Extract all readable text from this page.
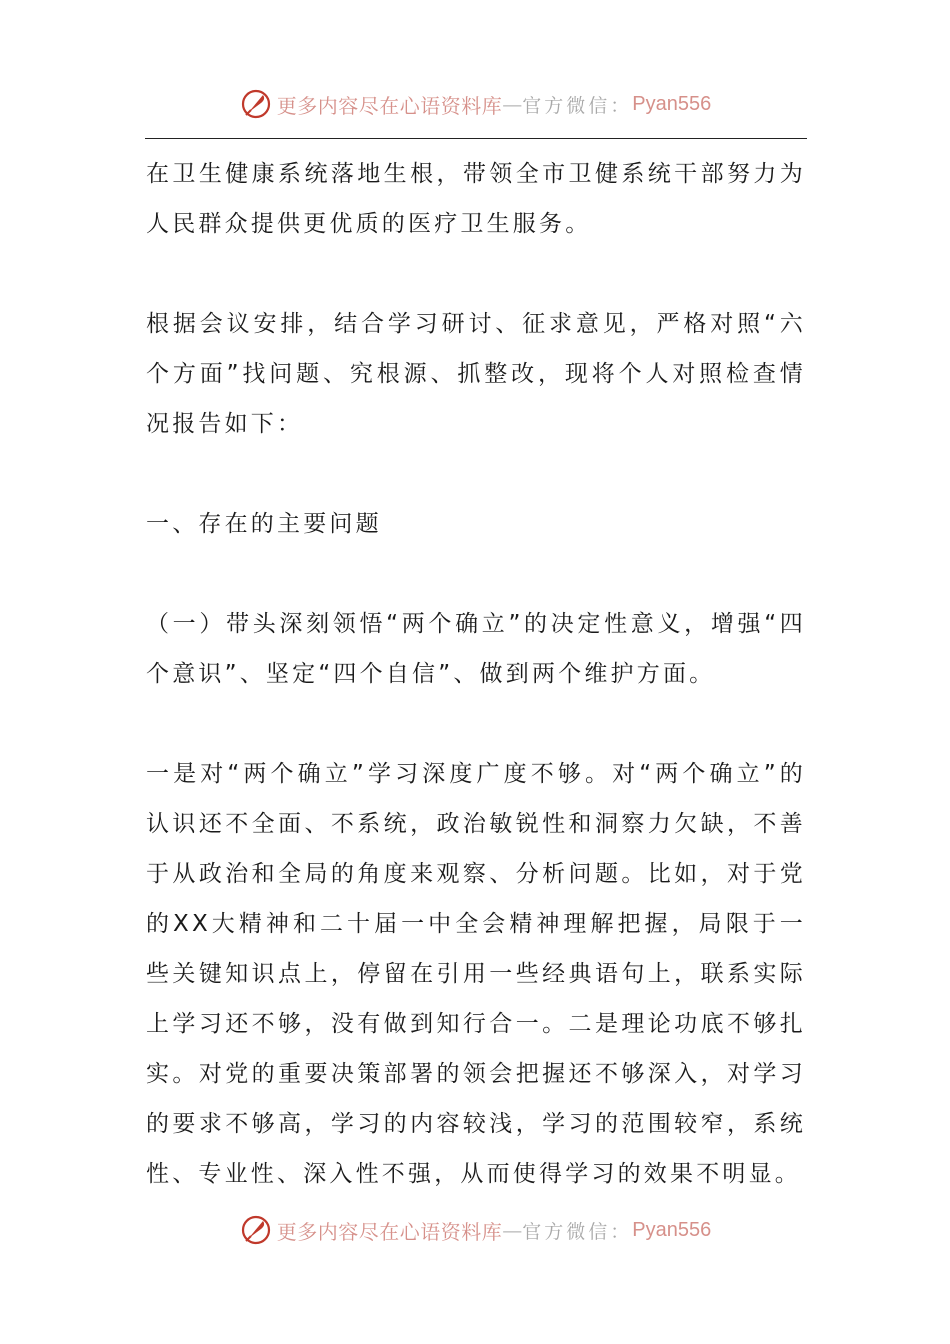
更多内容尽在心语资料库 — 官方微信： Pyan556

在卫生健康系统落地生根，带领全市卫健系统干部努力为人民群众提供更优质的医疗卫生服务。

根据会议安排，结合学习研讨、征求意见，严格对照“六个方面”找问题、究根源、抓整改，现将个人对照检查情况报告如下：

一、存在的主要问题

（一）带头深刻领悟“两个确立”的决定性意义，增强“四个意识”、坚定“四个自信”、做到两个维护方面。

一是对“两个确立”学习深度广度不够。对“两个确立”的认识还不全面、不系统，政治敏锐性和洞察力欠缺，不善于从政治和全局的角度来观察、分析问题。比如，对于党的XX大精神和二十届一中全会精神理解把握，局限于一些关键知识点上，停留在引用一些经典语句上，联系实际上学习还不够，没有做到知行合一。二是理论功底不够扎实。对党的重要决策部署的领会把握还不够深入，对学习的要求不够高，学习的内容较浅，学习的范围较窄，系统性、专业性、深入性不强，从而使得学习的效果不明显。

更多内容尽在心语资料库 — 官方微信： Pyan556
